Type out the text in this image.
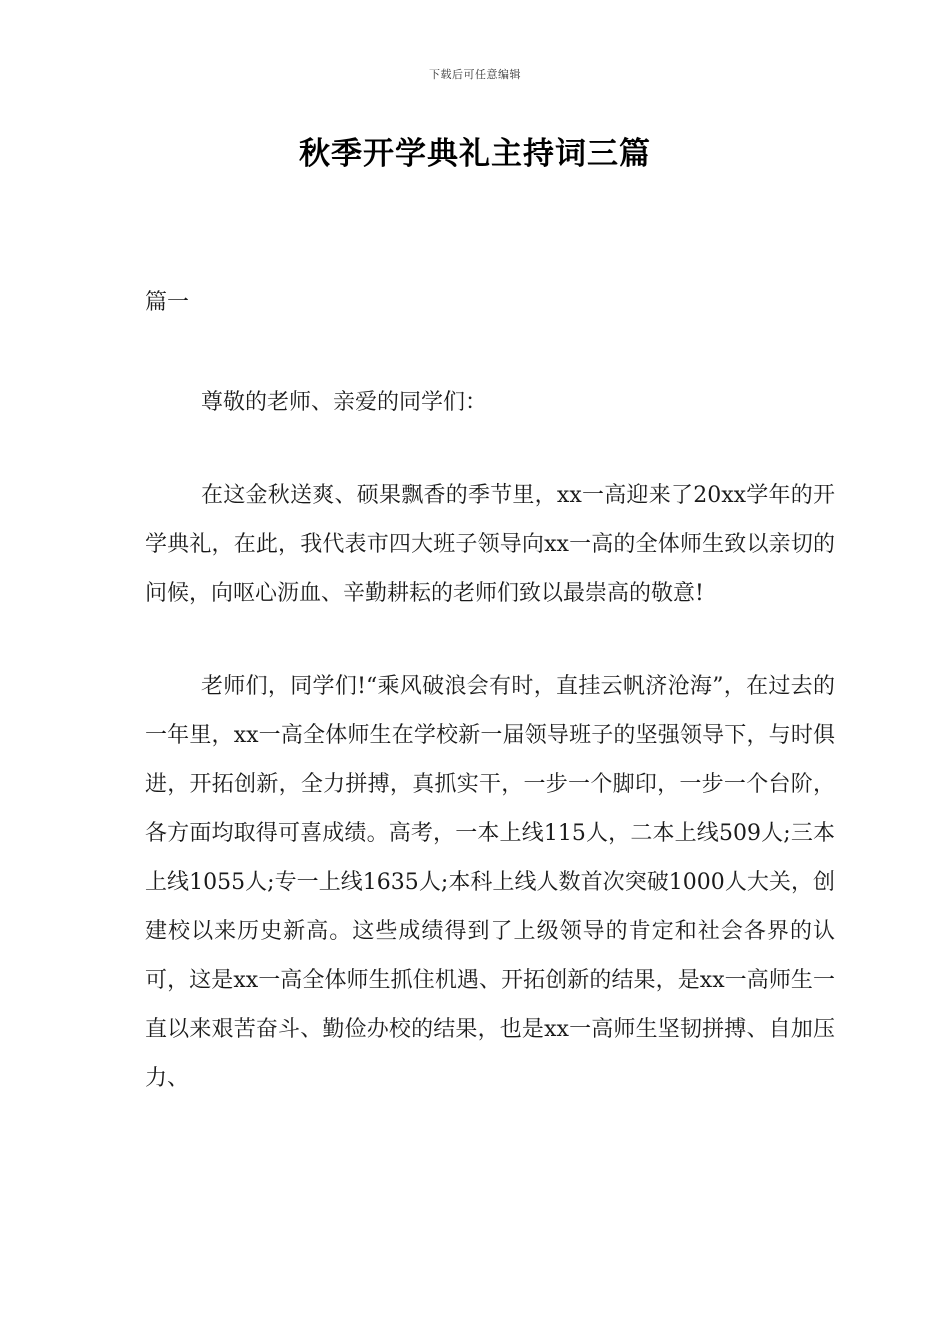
下载后可任意编辑
秋季开学典礼主持词三篇
篇一

尊敬的老师、亲爱的同学们：

在这金秋送爽、硕果飘香的季节里，xx一高迎来了20xx学年的开学典礼，在此，我代表市四大班子领导向xx一高的全体师生致以亲切的问候，向呕心沥血、辛勤耕耘的老师们致以最崇高的敬意!

老师们，同学们!“乘风破浪会有时，直挂云帆济沧海”，在过去的一年里，xx一高全体师生在学校新一届领导班子的坚强领导下，与时俱进，开拓创新，全力拼搏，真抓实干，一步一个脚印，一步一个台阶，各方面均取得可喜成绩。高考，一本上线115人，二本上线509人;三本上线1055人;专一上线1635人;本科上线人数首次突破1000人大关，创建校以来历史新高。这些成绩得到了上级领导的肯定和社会各界的认可，这是xx一高全体师生抓住机遇、开拓创新的结果，是xx一高师生一直以来艰苦奋斗、勤俭办校的结果，也是xx一高师生坚韧拼搏、自加压力、
